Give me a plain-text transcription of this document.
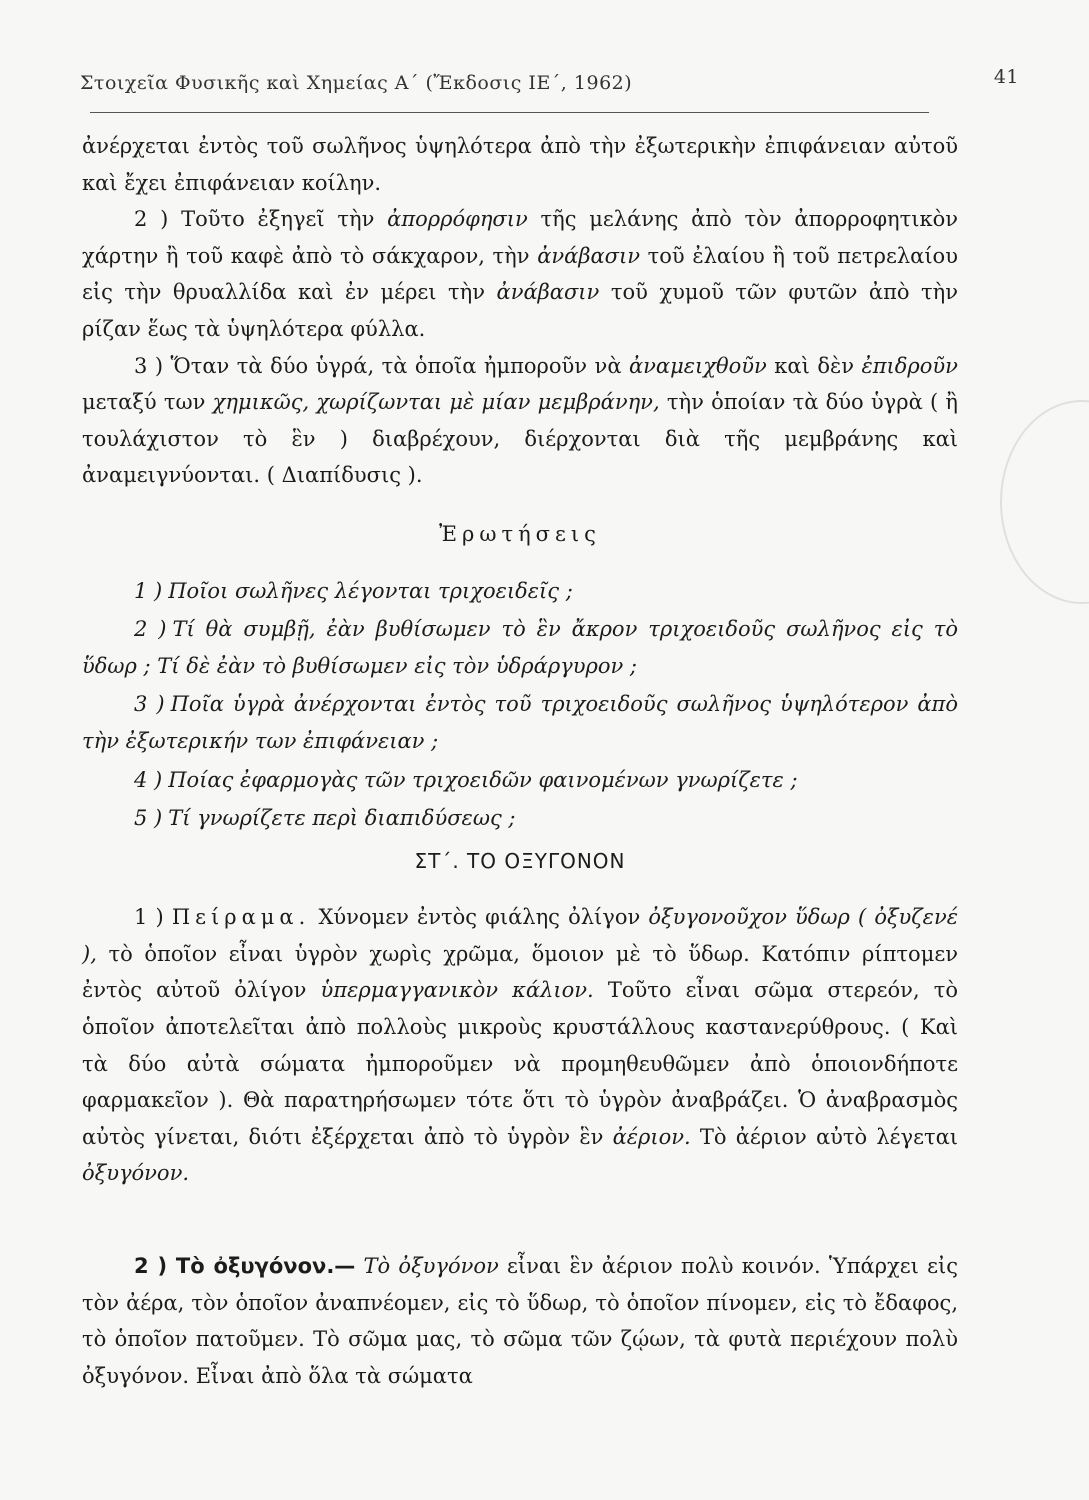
Στοιχεῖα Φυσικῆς καὶ Χημείας Α΄ (Ἔκδοσις ΙΕ΄, 1962)	41

ἀνέρχεται ἐντὸς τοῦ σωλῆνος ὑψηλότερα ἀπὸ τὴν ἐξωτερικὴν ἐπιφάνειαν αὐτοῦ καὶ ἔχει ἐπιφάνειαν κοίλην.

2 ) Τοῦτο ἐξηγεῖ τὴν ἀπορρόφησιν τῆς μελάνης ἀπὸ τὸν ἀπορροφητικὸν χάρτην ἢ τοῦ καφὲ ἀπὸ τὸ σάκχαρον, τὴν ἀνάβασιν τοῦ ἐλαίου ἢ τοῦ πετρελαίου εἰς τὴν θρυαλλίδα καὶ ἐν μέρει τὴν ἀνάβασιν τοῦ χυμοῦ τῶν φυτῶν ἀπὸ τὴν ρίζαν ἕως τὰ ὑψηλότερα φύλλα.

3 ) Ὅταν τὰ δύο ὑγρά, τὰ ὁποῖα ἠμποροῦν νὰ ἀναμειχθοῦν καὶ δὲν ἐπιδροῦν μεταξύ των χημικῶς, χωρίζωνται μὲ μίαν μεμβράνην, τὴν ὁποίαν τὰ δύο ὑγρὰ ( ἢ τουλάχιστον τὸ ἓν ) διαβρέχουν, διέρχονται διὰ τῆς μεμβράνης καὶ ἀναμειγνύονται. ( Διαπίδυσις ).

Ἐρωτήσεις

1 ) Ποῖοι σωλῆνες λέγονται τριχοειδεῖς ;

2 ) Τί θὰ συμβῇ, ἐὰν βυθίσωμεν τὸ ἓν ἄκρον τριχοειδοῦς σωλῆνος εἰς τὸ ὕδωρ ; Τί δὲ ἐὰν τὸ βυθίσωμεν εἰς τὸν ὑδράργυρον ;

3 ) Ποῖα ὑγρὰ ἀνέρχονται ἐντὸς τοῦ τριχοειδοῦς σωλῆνος ὑψηλότερον ἀπὸ τὴν ἐξωτερικήν των ἐπιφάνειαν ;

4 ) Ποίας ἐφαρμογὰς τῶν τριχοειδῶν φαινομένων γνωρίζετε ;

5 ) Τί γνωρίζετε περὶ διαπιδύσεως ;

ΣΤ΄. ΤΟ ΟΞΥΓΟΝΟΝ

1 ) Πείραμα. Χύνομεν ἐντὸς φιάλης ὀλίγον ὀξυγονοῦχον ὕδωρ ( ὀξυζενέ ), τὸ ὁποῖον εἶναι ὑγρὸν χωρὶς χρῶμα, ὅμοιον μὲ τὸ ὕδωρ. Κατόπιν ρίπτομεν ἐντὸς αὐτοῦ ὀλίγον ὑπερμαγγανικὸν κάλιον. Τοῦτο εἶναι σῶμα στερεόν, τὸ ὁποῖον ἀποτελεῖται ἀπὸ πολλοὺς μικροὺς κρυστάλλους καστανερύθρους. ( Καὶ τὰ δύο αὐτὰ σώματα ἠμποροῦμεν νὰ προμηθευθῶμεν ἀπὸ ὁποιονδήποτε φαρμακεῖον ). Θὰ παρατηρήσωμεν τότε ὅτι τὸ ὑγρὸν ἀναβράζει. Ὁ ἀναβρασμὸς αὐτὸς γίνεται, διότι ἐξέρχεται ἀπὸ τὸ ὑγρὸν ἓν ἀέριον. Τὸ ἀέριον αὐτὸ λέγεται ὀξυγόνον.

2 ) Τὸ ὀξυγόνον.— Τὸ ὀξυγόνον εἶναι ἓν ἀέριον πολὺ κοινόν. Ὑπάρχει εἰς τὸν ἀέρα, τὸν ὁποῖον ἀναπνέομεν, εἰς τὸ ὕδωρ, τὸ ὁποῖον πίνομεν, εἰς τὸ ἔδαφος, τὸ ὁποῖον πατοῦμεν. Τὸ σῶμα μας, τὸ σῶμα τῶν ζῴων, τὰ φυτὰ περιέχουν πολὺ ὀξυγόνον. Εἶναι ἀπὸ ὅλα τὰ σώματα
